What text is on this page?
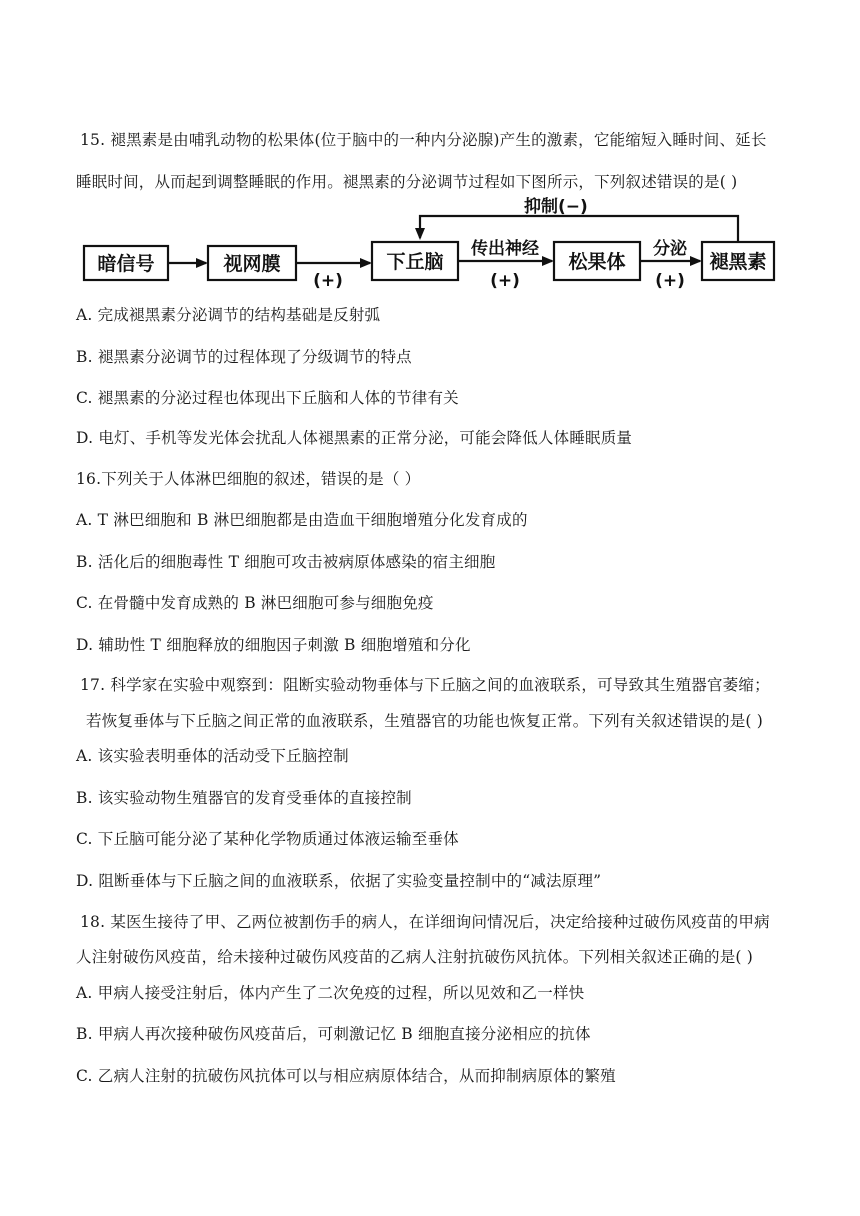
15. 褪黑素是由哺乳动物的松果体(位于脑中的一种内分泌腺)产生的激素，它能缩短入睡时间、延长
睡眠时间，从而起到调整睡眠的作用。褪黑素的分泌调节过程如下图所示，下列叙述错误的是( )
抑制(−)
暗信号	视网膜	下丘脑	松果体	褪黑素
(+)
传出神经
(+)
分泌
(+)
A. 完成褪黑素分泌调节的结构基础是反射弧
B. 褪黑素分泌调节的过程体现了分级调节的特点
C. 褪黑素的分泌过程也体现出下丘脑和人体的节律有关
D. 电灯、手机等发光体会扰乱人体褪黑素的正常分泌，可能会降低人体睡眠质量
16.下列关于人体淋巴细胞的叙述，错误的是（ ）
A. T 淋巴细胞和 B 淋巴细胞都是由造血干细胞增殖分化发育成的
B. 活化后的细胞毒性 T 细胞可攻击被病原体感染的宿主细胞
C. 在骨髓中发育成熟的 B 淋巴细胞可参与细胞免疫
D. 辅助性 T 细胞释放的细胞因子刺激 B 细胞增殖和分化
17. 科学家在实验中观察到：阻断实验动物垂体与下丘脑之间的血液联系，可导致其生殖器官萎缩；
若恢复垂体与下丘脑之间正常的血液联系，生殖器官的功能也恢复正常。下列有关叙述错误的是( )
A. 该实验表明垂体的活动受下丘脑控制
B. 该实验动物生殖器官的发育受垂体的直接控制
C. 下丘脑可能分泌了某种化学物质通过体液运输至垂体
D. 阻断垂体与下丘脑之间的血液联系，依据了实验变量控制中的“减法原理”
18. 某医生接待了甲、乙两位被割伤手的病人，在详细询问情况后，决定给接种过破伤风疫苗的甲病
人注射破伤风疫苗，给未接种过破伤风疫苗的乙病人注射抗破伤风抗体。下列相关叙述正确的是( )
A. 甲病人接受注射后，体内产生了二次免疫的过程，所以见效和乙一样快
B. 甲病人再次接种破伤风疫苗后，可刺激记忆 B 细胞直接分泌相应的抗体
C. 乙病人注射的抗破伤风抗体可以与相应病原体结合，从而抑制病原体的繁殖
